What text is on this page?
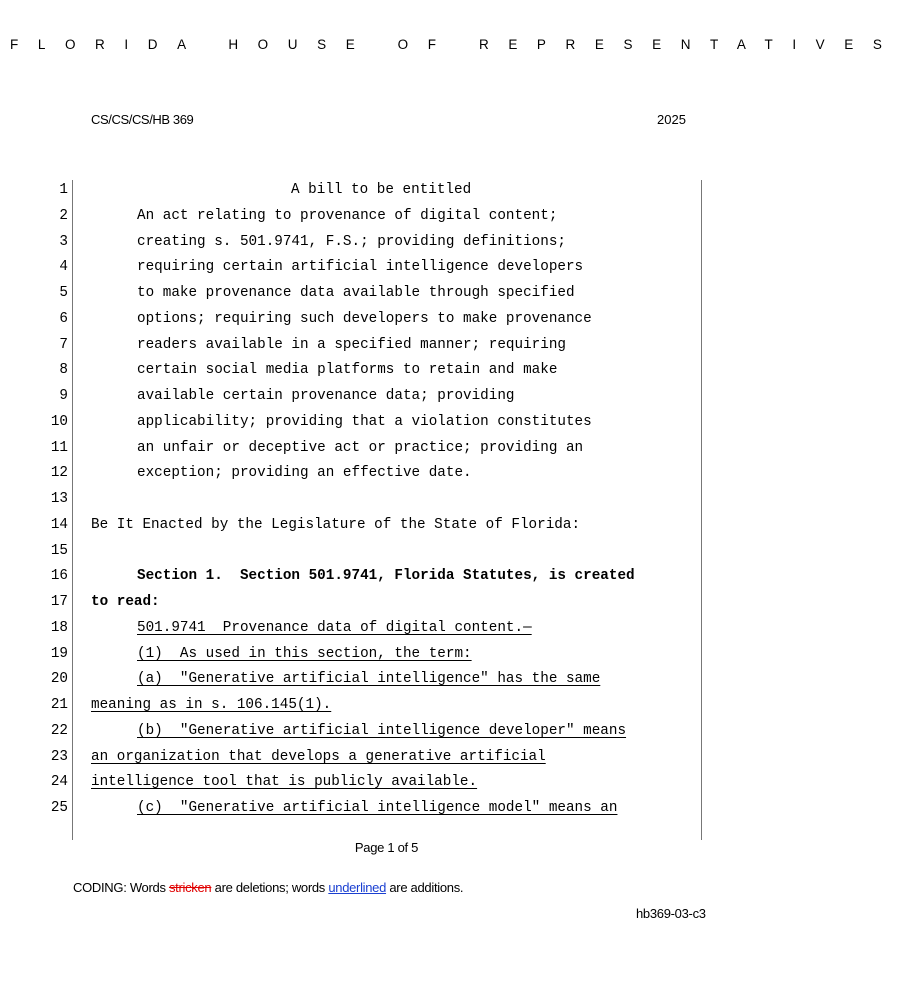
FLORIDA HOUSE OF REPRESENTATIVES
CS/CS/CS/HB 369	2025
1	A bill to be entitled
2	An act relating to provenance of digital content;
3	creating s. 501.9741, F.S.; providing definitions;
4	requiring certain artificial intelligence developers
5	to make provenance data available through specified
6	options; requiring such developers to make provenance
7	readers available in a specified manner; requiring
8	certain social media platforms to retain and make
9	available certain provenance data; providing
10	applicability; providing that a violation constitutes
11	an unfair or deceptive act or practice; providing an
12	exception; providing an effective date.
13
14 Be It Enacted by the Legislature of the State of Florida:
15
16	Section 1.  Section 501.9741, Florida Statutes, is created
17 to read:
18	501.9741  Provenance data of digital content.—
19	(1)  As used in this section, the term:
20	(a)  "Generative artificial intelligence" has the same
21 meaning as in s. 106.145(1).
22	(b)  "Generative artificial intelligence developer" means
23 an organization that develops a generative artificial
24 intelligence tool that is publicly available.
25	(c)  "Generative artificial intelligence model" means an
Page 1 of 5
CODING: Words stricken are deletions; words underlined are additions.
hb369-03-c3
